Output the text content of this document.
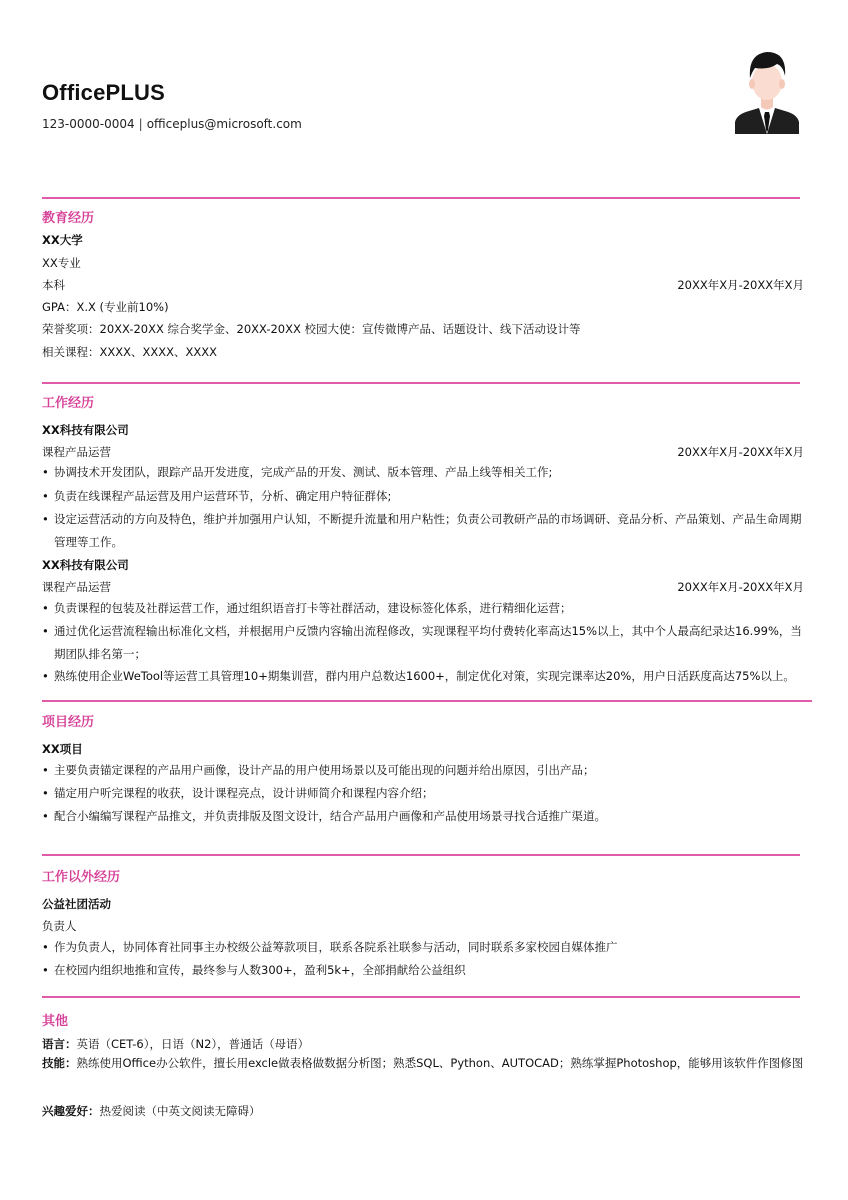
OfficePLUS
123-0000-0004 | officeplus@microsoft.com
教育经历
XX大学
XX专业
本科	20XX年X月-20XX年X月
GPA：X.X (专业前10%)
荣誉奖项：20XX-20XX 综合奖学金、20XX-20XX 校园大使：宣传微博产品、话题设计、线下活动设计等
相关课程：XXXX、XXXX、XXXX
工作经历
XX科技有限公司
课程产品运营	20XX年X月-20XX年X月
• 协调技术开发团队，跟踪产品开发进度，完成产品的开发、测试、版本管理、产品上线等相关工作;
• 负责在线课程产品运营及用户运营环节，分析、确定用户特征群体;
• 设定运营活动的方向及特色，维护并加强用户认知，不断提升流量和用户粘性；负责公司教研产品的市场调研、竞品分析、产品策划、产品生命周期管理等工作。
XX科技有限公司
课程产品运营	20XX年X月-20XX年X月
• 负责课程的包装及社群运营工作，通过组织语音打卡等社群活动，建设标签化体系，进行精细化运营；
• 通过优化运营流程输出标准化文档，并根据用户反馈内容输出流程修改，实现课程平均付费转化率高达15%以上，其中个人最高纪录达16.99%，当期团队排名第一；
• 熟练使用企业WeTool等运营工具管理10+期集训营，群内用户总数达1600+，制定优化对策，实现完课率达20%，用户日活跃度高达75%以上。
项目经历
XX项目
• 主要负责锚定课程的产品用户画像，设计产品的用户使用场景以及可能出现的问题并给出原因，引出产品；
• 锚定用户听完课程的收获，设计课程亮点，设计讲师简介和课程内容介绍；
• 配合小编编写课程产品推文，并负责排版及图文设计，结合产品用户画像和产品使用场景寻找合适推广渠道。
工作以外经历
公益社团活动
负责人
• 作为负责人，协同体育社同事主办校级公益筹款项目，联系各院系社联参与活动，同时联系多家校园自媒体推广
• 在校园内组织地推和宣传，最终参与人数300+，盈利5k+，全部捐献给公益组织
其他
语言：英语（CET-6），日语（N2），普通话（母语）
技能：熟练使用Office办公软件，擅长用excle做表格做数据分析图；熟悉SQL、Python、AUTOCAD；熟练掌握Photoshop，能够用该软件作图修图
兴趣爱好：热爱阅读（中英文阅读无障碍）
